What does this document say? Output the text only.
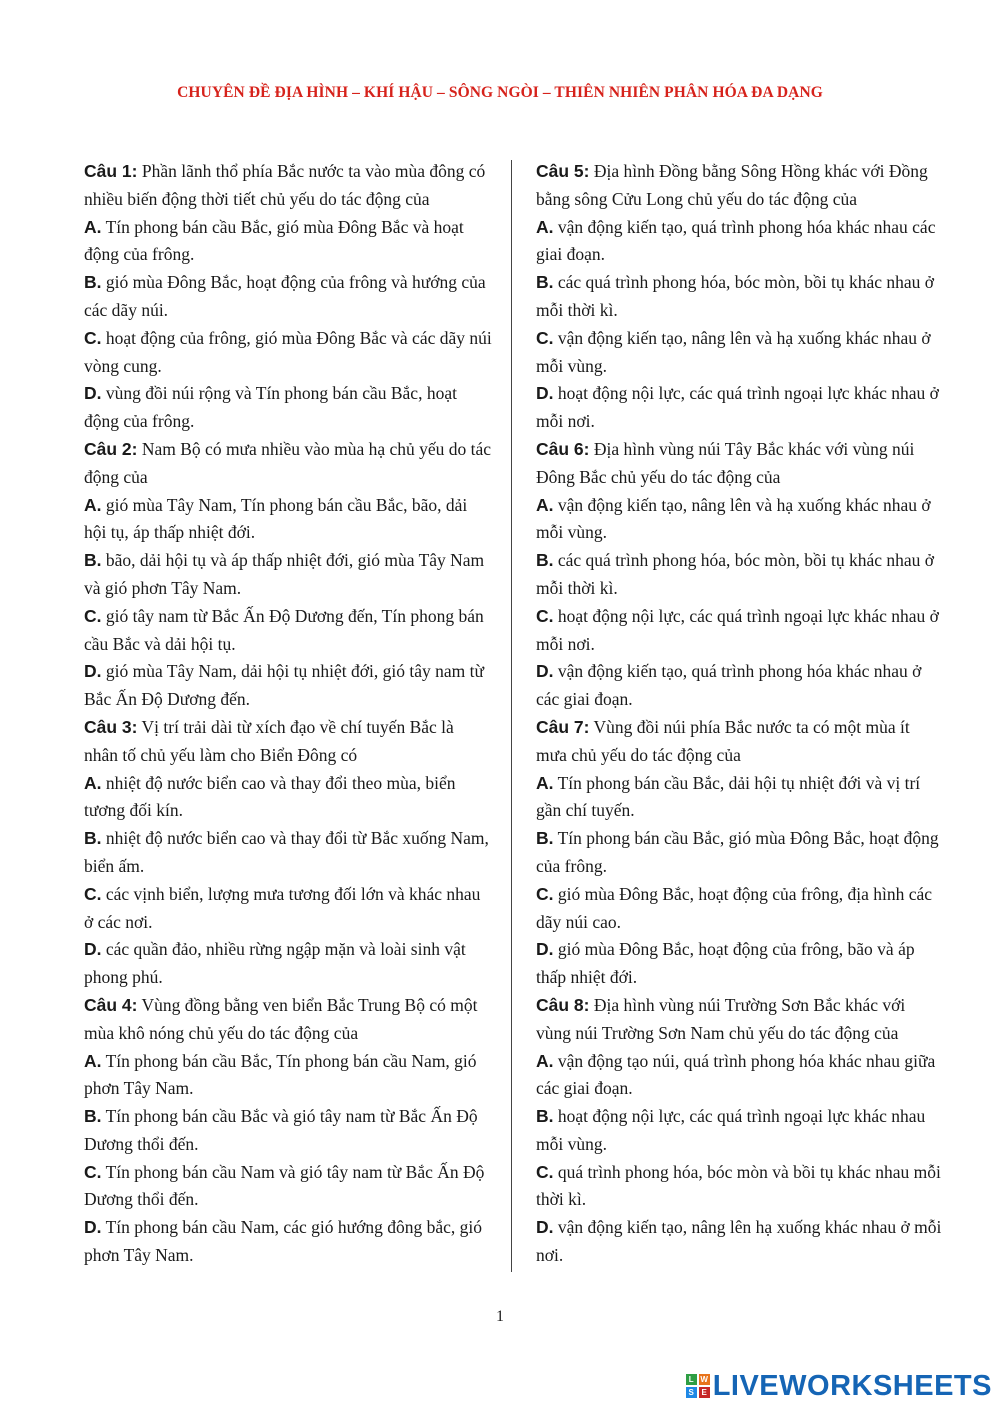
CHUYÊN ĐỀ ĐỊA HÌNH – KHÍ HẬU – SÔNG NGÒI – THIÊN NHIÊN PHÂN HÓA ĐA DẠNG

Câu 1: Phần lãnh thổ phía Bắc nước ta vào mùa đông có nhiều biến động thời tiết chủ yếu do tác động của

A. Tín phong bán cầu Bắc, gió mùa Đông Bắc và hoạt động của frông.

B. gió mùa Đông Bắc, hoạt động của frông và hướng của các dãy núi.

C. hoạt động của frông, gió mùa Đông Bắc và các dãy núi vòng cung.

D. vùng đồi núi rộng và Tín phong bán cầu Bắc, hoạt động của frông.

Câu 2: Nam Bộ có mưa nhiều vào mùa hạ chủ yếu do tác động của

A. gió mùa Tây Nam, Tín phong bán cầu Bắc, bão, dải hội tụ, áp thấp nhiệt đới.

B. bão, dải hội tụ và áp thấp nhiệt đới, gió mùa Tây Nam và gió phơn Tây Nam.

C. gió tây nam từ Bắc Ấn Độ Dương đến, Tín phong bán cầu Bắc và dải hội tụ.

D. gió mùa Tây Nam, dải hội tụ nhiệt đới, gió tây nam từ Bắc Ấn Độ Dương đến.

Câu 3: Vị trí trải dài từ xích đạo về chí tuyến Bắc là nhân tố chủ yếu làm cho Biển Đông có

A. nhiệt độ nước biển cao và thay đổi theo mùa, biển tương đối kín.

B. nhiệt độ nước biển cao và thay đổi từ Bắc xuống Nam, biển ấm.

C. các vịnh biển, lượng mưa tương đối lớn và khác nhau ở các nơi.

D. các quần đảo, nhiều rừng ngập mặn và loài sinh vật phong phú.

Câu 4: Vùng đồng bằng ven biển Bắc Trung Bộ có một mùa khô nóng chủ yếu do tác động của

A. Tín phong bán cầu Bắc, Tín phong bán cầu Nam, gió phơn Tây Nam.

B. Tín phong bán cầu Bắc và gió tây nam từ Bắc Ấn Độ Dương thổi đến.

C. Tín phong bán cầu Nam và gió tây nam từ Bắc Ấn Độ Dương thổi đến.

D. Tín phong bán cầu Nam, các gió hướng đông bắc, gió phơn Tây Nam.

Câu 5: Địa hình Đồng bằng Sông Hồng khác với Đồng bằng sông Cửu Long chủ yếu do tác động của

A. vận động kiến tạo, quá trình phong hóa khác nhau các giai đoạn.

B. các quá trình phong hóa, bóc mòn, bồi tụ khác nhau ở mỗi thời kì.

C. vận động kiến tạo, nâng lên và hạ xuống khác nhau ở mỗi vùng.

D. hoạt động nội lực, các quá trình ngoại lực khác nhau ở mỗi nơi.

Câu 6: Địa hình vùng núi Tây Bắc khác với vùng núi Đông Bắc chủ yếu do tác động của

A. vận động kiến tạo, nâng lên và hạ xuống khác nhau ở mỗi vùng.

B. các quá trình phong hóa, bóc mòn, bồi tụ khác nhau ở mỗi thời kì.

C. hoạt động nội lực, các quá trình ngoại lực khác nhau ở mỗi nơi.

D. vận động kiến tạo, quá trình phong hóa khác nhau ở các giai đoạn.

Câu 7: Vùng đồi núi phía Bắc nước ta có một mùa ít mưa chủ yếu do tác động của

A. Tín phong bán cầu Bắc, dải hội tụ nhiệt đới và vị trí gần chí tuyến.

B. Tín phong bán cầu Bắc, gió mùa Đông Bắc, hoạt động của frông.

C. gió mùa Đông Bắc, hoạt động của frông, địa hình các dãy núi cao.

D. gió mùa Đông Bắc, hoạt động của frông, bão và áp thấp nhiệt đới.

Câu 8: Địa hình vùng núi Trường Sơn Bắc khác với vùng núi Trường Sơn Nam chủ yếu do tác động của

A. vận động tạo núi, quá trình phong hóa khác nhau giữa các giai đoạn.

B. hoạt động nội lực, các quá trình ngoại lực khác nhau mỗi vùng.

C. quá trình phong hóa, bóc mòn và bồi tụ khác nhau mỗi thời kì.

D. vận động kiến tạo, nâng lên hạ xuống khác nhau ở mỗi nơi.

1
L W
S E LIVEWORKSHEETS
